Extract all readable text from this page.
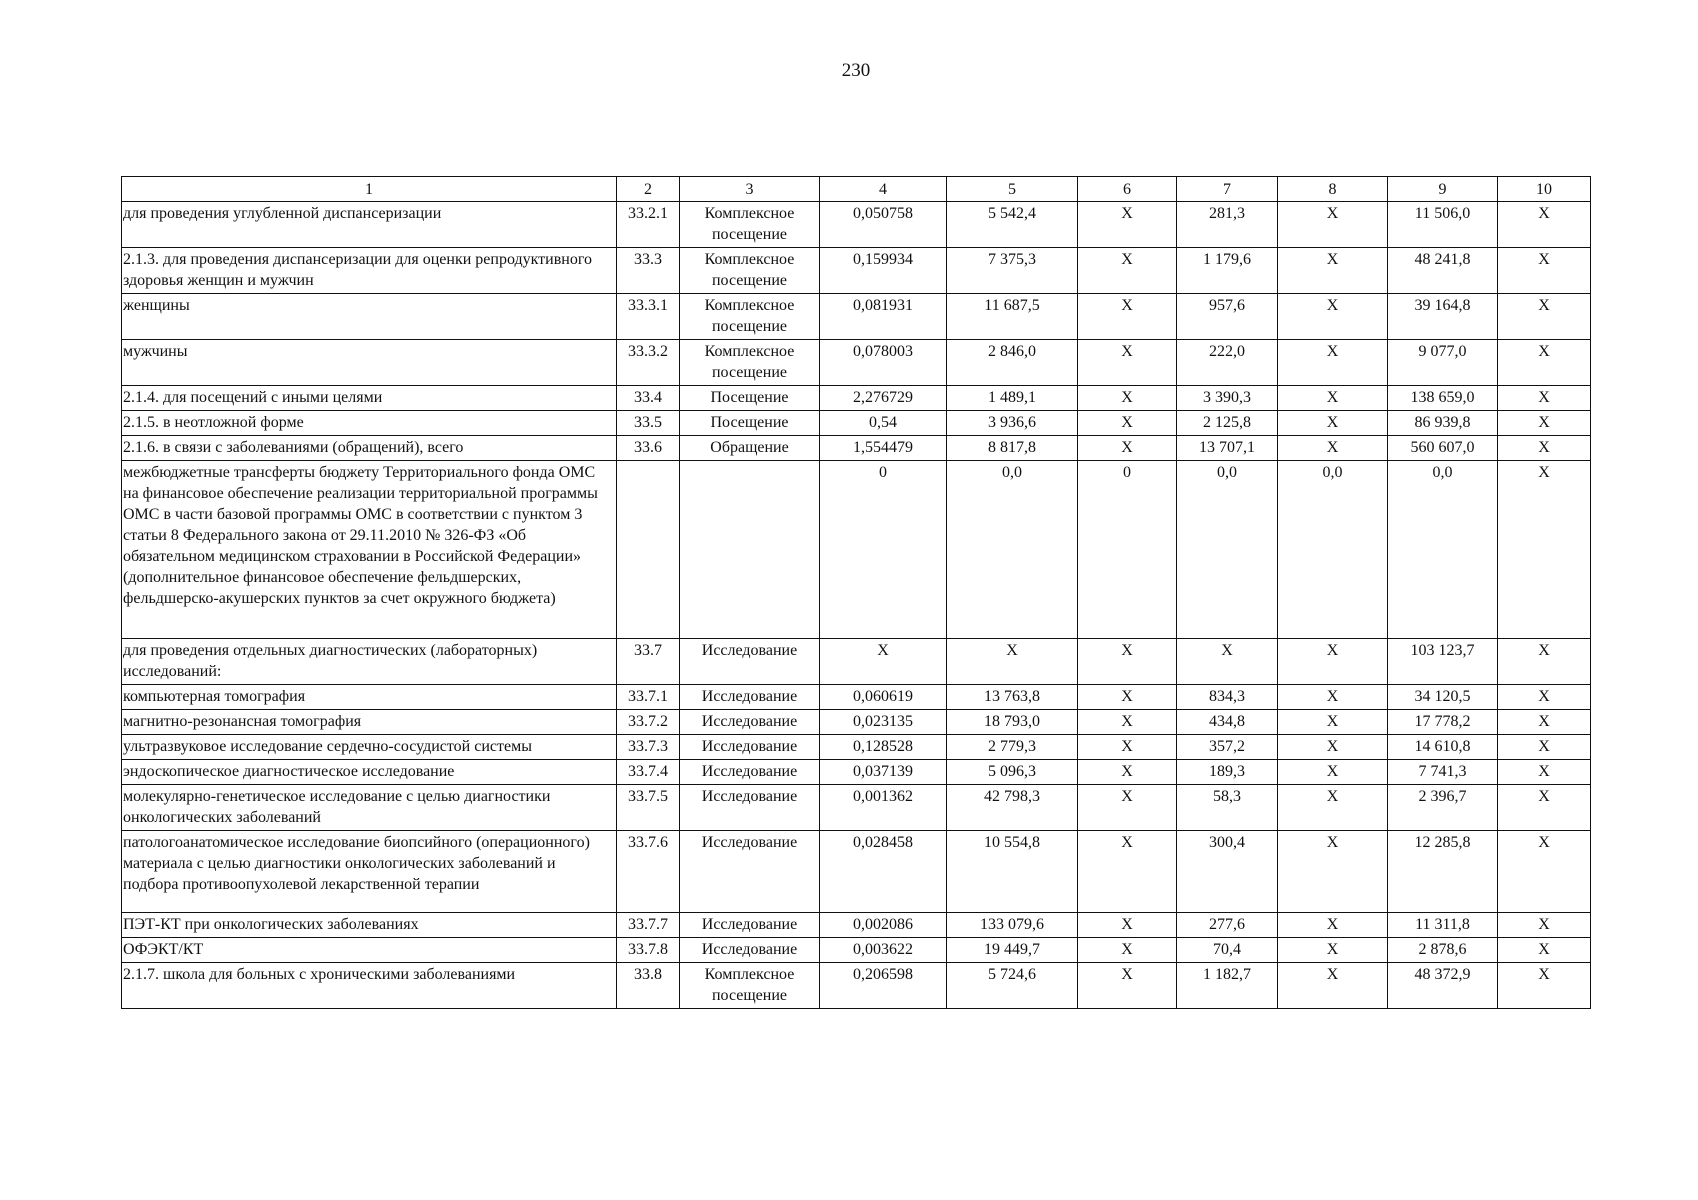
230
1	2	3	4	5	6	7	8	9	10
для проведения углубленной диспансеризации	33.2.1	Комплексное посещение	0,050758	5 542,4	X	281,3	X	11 506,0	X
2.1.3. для проведения диспансеризации для оценки репродуктивного здоровья женщин и мужчин	33.3	Комплексное посещение	0,159934	7 375,3	X	1 179,6	X	48 241,8	X
женщины	33.3.1	Комплексное посещение	0,081931	11 687,5	X	957,6	X	39 164,8	X
мужчины	33.3.2	Комплексное посещение	0,078003	2 846,0	X	222,0	X	9 077,0	X
2.1.4. для посещений с иными целями	33.4	Посещение	2,276729	1 489,1	X	3 390,3	X	138 659,0	X
2.1.5. в неотложной форме	33.5	Посещение	0,54	3 936,6	X	2 125,8	X	86 939,8	X
2.1.6. в связи с заболеваниями (обращений), всего	33.6	Обращение	1,554479	8 817,8	X	13 707,1	X	560 607,0	X
межбюджетные трансферты бюджету Территориального фонда ОМС на финансовое обеспечение реализации территориальной программы ОМС в части базовой программы ОМС в соответствии с пунктом 3 статьи 8 Федерального закона от 29.11.2010 № 326-ФЗ «Об обязательном медицинском страховании в Российской Федерации» (дополнительное финансовое обеспечение фельдшерских, фельдшерско-акушерских пунктов за счет окружного бюджета)			0	0,0	0	0,0	0,0	0,0	X
для проведения отдельных диагностических (лабораторных) исследований:	33.7	Исследование	X	X	X	X	X	103 123,7	X
компьютерная томография	33.7.1	Исследование	0,060619	13 763,8	X	834,3	X	34 120,5	X
магнитно-резонансная томография	33.7.2	Исследование	0,023135	18 793,0	X	434,8	X	17 778,2	X
ультразвуковое исследование сердечно-сосудистой системы	33.7.3	Исследование	0,128528	2 779,3	X	357,2	X	14 610,8	X
эндоскопическое диагностическое исследование	33.7.4	Исследование	0,037139	5 096,3	X	189,3	X	7 741,3	X
молекулярно-генетическое исследование с целью диагностики онкологических заболеваний	33.7.5	Исследование	0,001362	42 798,3	X	58,3	X	2 396,7	X
патологоанатомическое исследование биопсийного (операционного) материала с целью диагностики онкологических заболеваний и подбора противоопухолевой лекарственной терапии	33.7.6	Исследование	0,028458	10 554,8	X	300,4	X	12 285,8	X
ПЭТ-КТ при онкологических заболеваниях	33.7.7	Исследование	0,002086	133 079,6	X	277,6	X	11 311,8	X
ОФЭКТ/КТ	33.7.8	Исследование	0,003622	19 449,7	X	70,4	X	2 878,6	X
2.1.7. школа для больных с хроническими заболеваниями	33.8	Комплексное посещение	0,206598	5 724,6	X	1 182,7	X	48 372,9	X
